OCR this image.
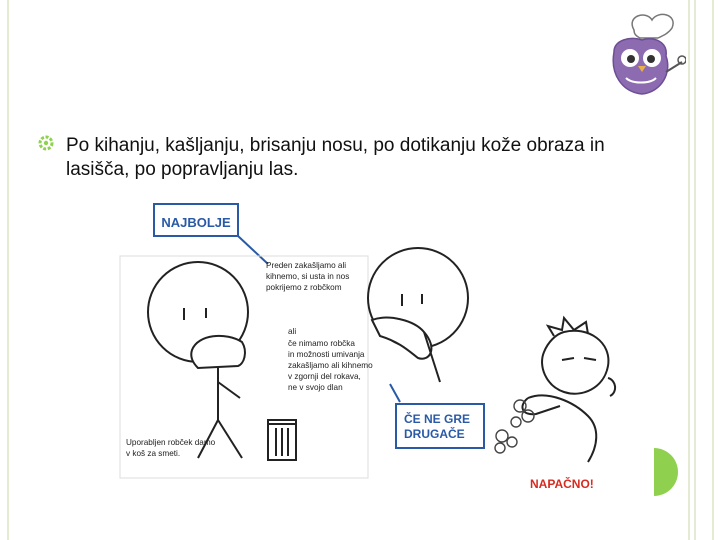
Po kihanju, kašljanju, brisanju nosu, po dotikanju kože obraza in lasišča, po popravljanju las.
NAJBOLJE
Preden zakašljamo ali kihnemo, si usta in nos pokrijemo z robčkom
ali
če nimamo robčka in možnosti umivanja zakašljamo ali kihnemo v zgornji del rokava, ne v svojo dlan
Uporabljen robček damo v koš za smeti.
ČE NE GRE DRUGAČE
NAPAČNO!
